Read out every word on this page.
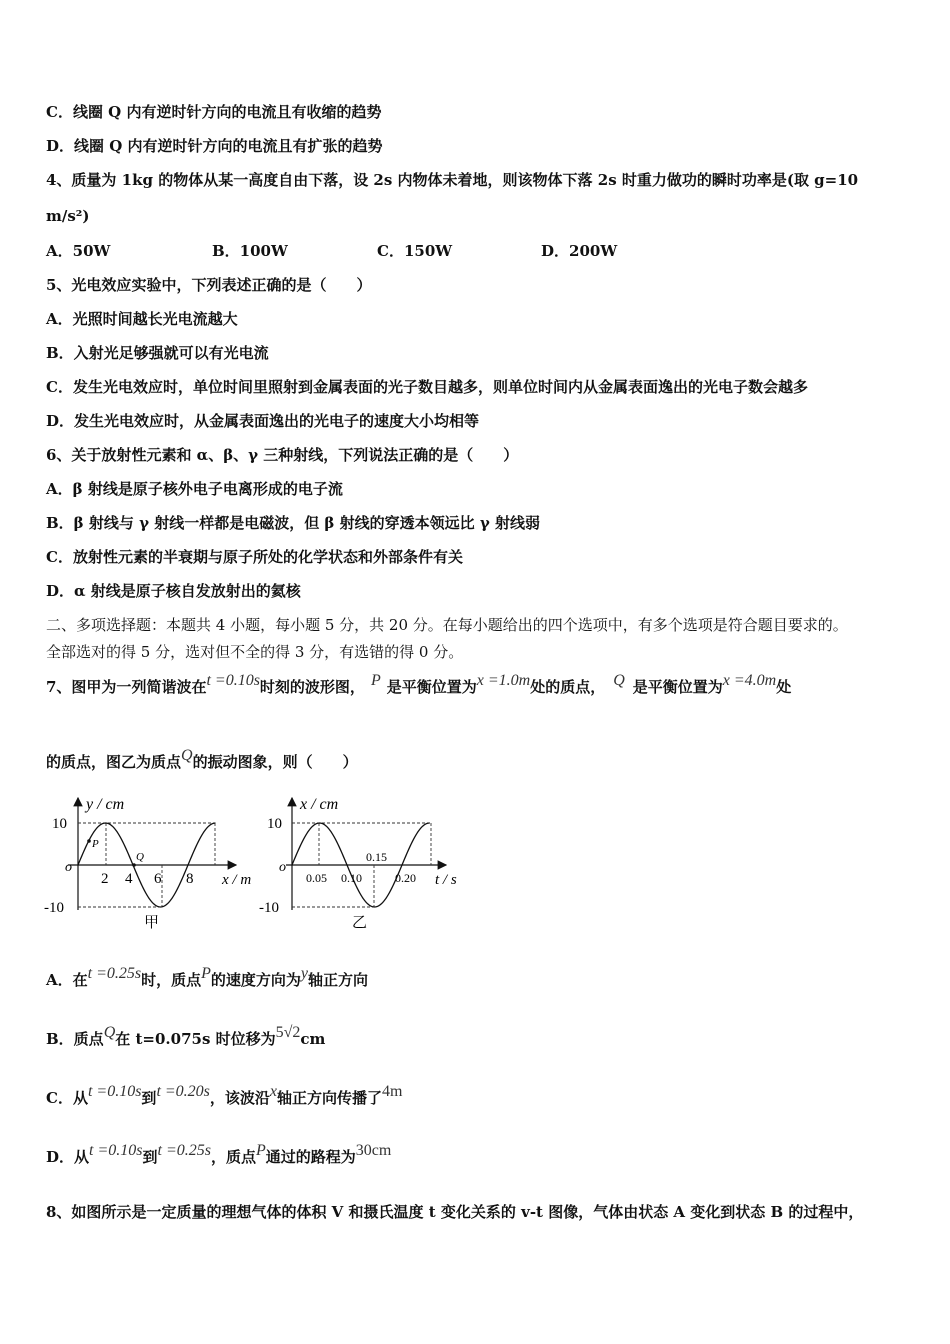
C．线圈 Q 内有逆时针方向的电流且有收缩的趋势
D．线圈 Q 内有逆时针方向的电流且有扩张的趋势
4、质量为 1kg 的物体从某一高度自由下落，设 2s 内物体未着地，则该物体下落 2s 时重力做功的瞬时功率是(取 g=10
m/s²)
A．50W	B．100W	C．150W	D．200W
5、光电效应实验中，下列表述正确的是（　　）
A．光照时间越长光电流越大
B．入射光足够强就可以有光电流
C．发生光电效应时，单位时间里照射到金属表面的光子数目越多，则单位时间内从金属表面逸出的光电子数会越多
D．发生光电效应时，从金属表面逸出的光电子的速度大小均相等
6、关于放射性元素和 α、β、γ 三种射线，下列说法正确的是（　　）
A．β 射线是原子核外电子电离形成的电子流
B．β 射线与 γ 射线一样都是电磁波，但 β 射线的穿透本领远比 γ 射线弱
C．放射性元素的半衰期与原子所处的化学状态和外部条件有关
D．α 射线是原子核自发放射出的氦核
二、多项选择题：本题共 4 小题，每小题 5 分，共 20 分。在每小题给出的四个选项中，有多个选项是符合题目要求的。
全部选对的得 5 分，选对但不全的得 3 分，有选错的得 0 分。
7、图甲为一列简谐波在t =0.10s时刻的波形图， P 是平衡位置为x =1.0m处的质点， Q 是平衡位置为x =4.0m处
的质点，图乙为质点Q的振动图象，则（　　）
y / cm
10
-10
o
2 4 6 8 x / m
P
Q
甲
x / cm
10
-10
o
0.05 0.10
0.15
0.20 t / s
乙
A．在t =0.25s时，质点P的速度方向为y轴正方向
B．质点Q在 t=0.075s 时位移为5√2cm
C．从t =0.10s到t =0.20s，该波沿x轴正方向传播了4m
D．从t =0.10s到t =0.25s，质点P通过的路程为30cm
8、如图所示是一定质量的理想气体的体积 V 和摄氏温度 t 变化关系的 v-t 图像，气体由状态 A 变化到状态 B 的过程中，
